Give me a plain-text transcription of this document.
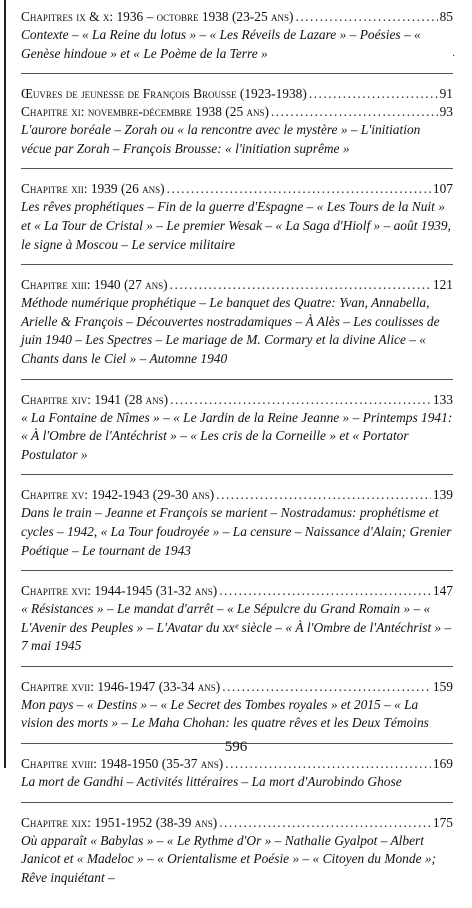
Chapitres ix & x: 1936 – octobre 1938 (23-25 ans) .....	85

Contexte – « La Reine du lotus » – « Les Réveils de Lazare » – Poésies – « Genèse hindoue » et « Le Poème de la Terre »

Œuvres de jeunesse de François Brousse (1923-1938) .....	91
Chapitre xi: novembre-décembre 1938 (25 ans) .....	93

L'aurore boréale – Zorah ou « la rencontre avec le mystère » – L'initiation vécue par Zorah – François Brousse: « l'initiation suprême »

Chapitre xii: 1939 (26 ans) .....	107

Les rêves prophétiques – Fin de la guerre d'Espagne – « Les Tours de la Nuit » et « La Tour de Cristal » – Le premier Wesak – « La Saga d'Hiolf » – août 1939, le signe à Moscou – Le service militaire

Chapitre xiii: 1940 (27 ans) .....	121

Méthode numérique prophétique – Le banquet des Quatre: Yvan, Annabella, Arielle & François – Découvertes nostradamiques – À Alès – Les coulisses de juin 1940 – Les Spectres – Le mariage de M. Cormary et la divine Alice – « Chants dans le Ciel » – Automne 1940

Chapitre xiv: 1941 (28 ans) .....	133

« La Fontaine de Nîmes » – « Le Jardin de la Reine Jeanne » – Printemps 1941: « À l'Ombre de l'Antéchrist » – « Les cris de la Corneille » et « Portator Postulator »

Chapitre xv: 1942-1943 (29-30 ans) .....	139

Dans le train – Jeanne et François se marient – Nostradamus: prophétisme et cycles – 1942, « La Tour foudroyée » – La censure – Naissance d'Alain; Grenier Poétique – Le tournant de 1943

Chapitre xvi: 1944-1945 (31-32 ans) .....	147

« Résistances » – Le mandat d'arrêt – « Le Sépulcre du Grand Romain » – « L'Avenir des Peuples » – L'Avatar du xxᵉ siècle – « À l'Ombre de l'Antéchrist » – 7 mai 1945

Chapitre xvii: 1946-1947 (33-34 ans) .....	159

Mon pays – « Destins » – « Le Secret des Tombes royales » et 2015 – « La vision des morts » – Le Maha Chohan: les quatre rêves et les Deux Témoins

Chapitre xviii: 1948-1950 (35-37 ans) .....	169

La mort de Gandhi – Activités littéraires – La mort d'Aurobindo Ghose

Chapitre xix: 1951-1952 (38-39 ans) .....	175

Où apparaît « Babylas » – « Le Rythme d'Or » – Nathalie Gyalpot – Albert Janicot et « Madeloc » – « Orientalisme et Poésie » – « Citoyen du Monde »; Rêve inquiétant –

·
596
